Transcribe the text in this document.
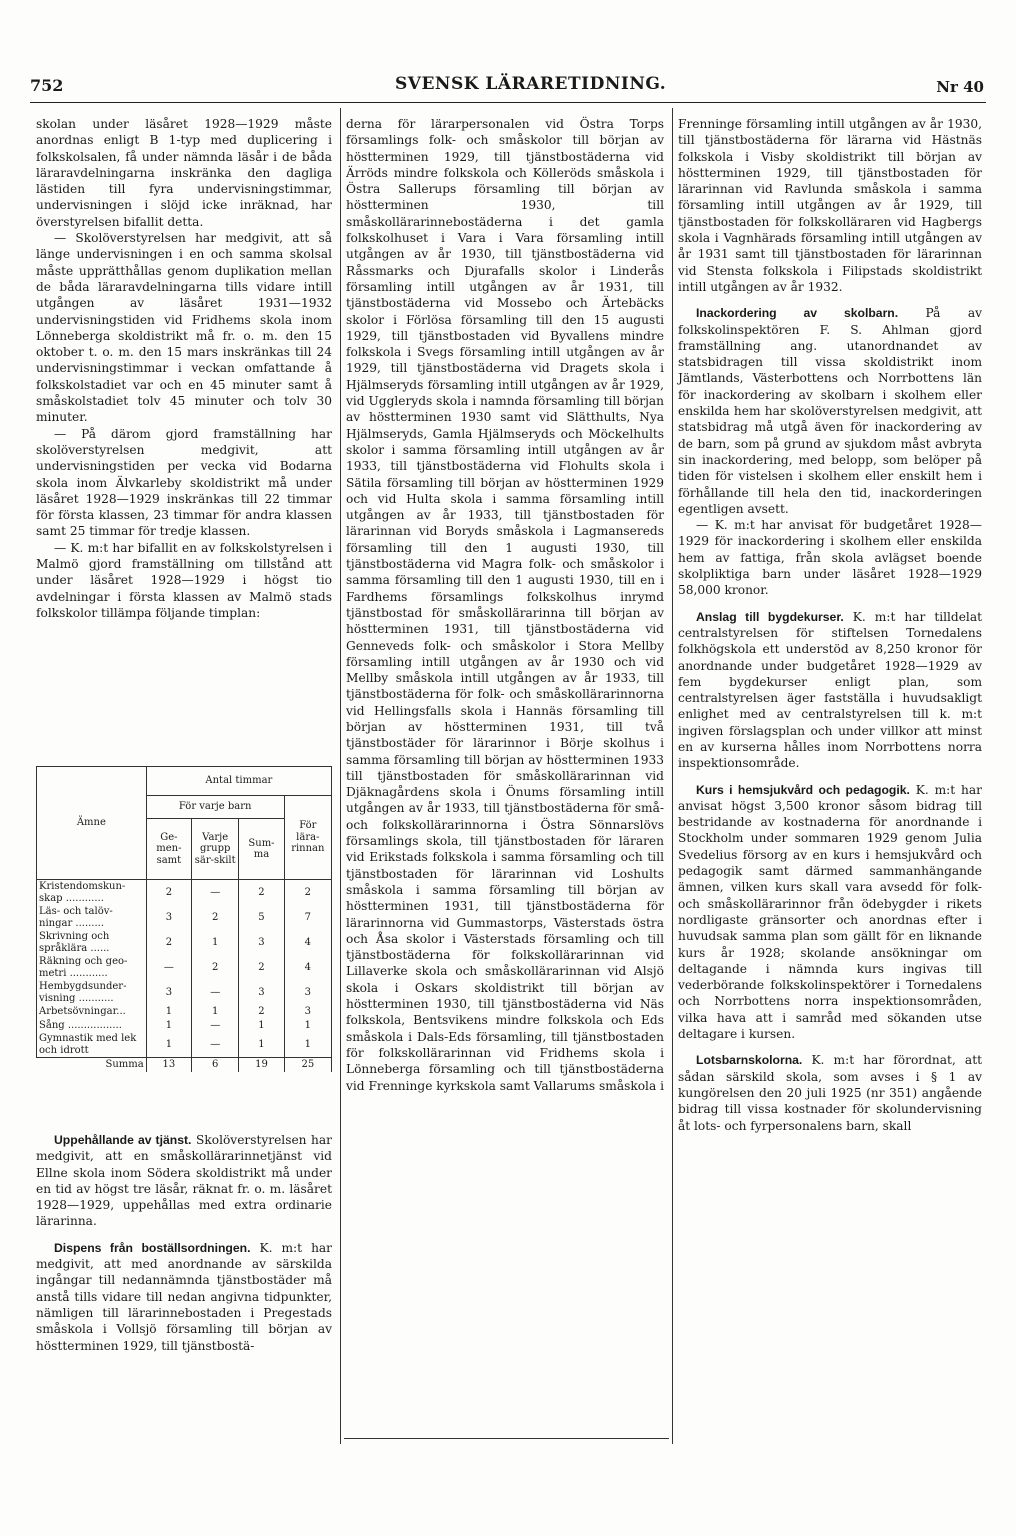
752	SVENSK LÄRARETIDNING.	Nr 40

skolan under läsåret 1928—1929 måste anordnas enligt B 1-typ med duplicering i folkskolsalen, få under nämnda läsår i de båda läraravdelningarna inskränka den dagliga lästiden till fyra undervisningstimmar, undervisningen i slöjd icke inräknad, har överstyrelsen bifallit detta.

— Skolöverstyrelsen har medgivit, att så länge undervisningen i en och samma skolsal måste upprätthållas genom duplikation mellan de båda läraravdelningarna tills vidare intill utgången av läsåret 1931—1932 undervisningstiden vid Fridhems skola inom Lönneberga skoldistrikt må fr. o. m. den 15 oktober t. o. m. den 15 mars inskränkas till 24 undervisningstimmar i veckan omfattande å folkskolstadiet var och en 45 minuter samt å småskolstadiet tolv 45 minuter och tolv 30 minuter.

— På därom gjord framställning har skolöverstyrelsen medgivit, att undervisningstiden per vecka vid Bodarna skola inom Älvkarleby skoldistrikt må under läsåret 1928—1929 inskränkas till 22 timmar för första klassen, 23 timmar för andra klassen samt 25 timmar för tredje klassen.

— K. m:t har bifallit en av folkskolstyrelsen i Malmö gjord framställning om tillstånd att under läsåret 1928—1929 i högst tio avdelningar i första klassen av Malmö stads folkskolor tillämpa följande timplan:

Ämne	Antal timmar			
	För varje barn			För lära-rinnan
	Ge-men-samt	Varje grupp sär-skilt	Sum-ma	
Kristendomskun-skap ............	2	—	2	2
Läs- och talöv-ningar .........	3	2	5	7
Skrivning och språklära ......	2	1	3	4
Räkning och geo-metri ............	—	2	2	4
Hembygdsunder-visning ...........	3	—	3	3
Arbetsövningar...	1	1	2	3
Sång .................	1	—	1	1
Gymnastik med lek och idrott	1	—	1	1
Summa	13	6	19	25

Uppehållande av tjänst. Skolöverstyrelsen har medgivit, att en småskollärarinnetjänst vid Ellne skola inom Södera skoldistrikt må under en tid av högst tre läsår, räknat fr. o. m. läsåret 1928—1929, uppehållas med extra ordinarie lärarinna.

Dispens från boställsordningen. K. m:t har medgivit, att med anordnande av särskilda ingångar till nedannämnda tjänstbostäder må anstå tills vidare till nedan angivna tidpunkter, nämligen till lärarinnebostaden i Pregestads småskola i Vollsjö församling till början av höstterminen 1929, till tjänstbostä-

derna för lärarpersonalen vid Östra Torps församlings folk- och småskolor till början av höstterminen 1929, till tjänstbostäderna vid Ärröds mindre folkskola och Kölleröds småskola i Östra Sallerups församling till början av höstterminen 1930, till småskollärarinnebostäderna i det gamla folkskolhuset i Vara i Vara församling intill utgången av år 1930, till tjänstbostäderna vid Råssmarks och Djurafalls skolor i Linderås församling intill utgången av år 1931, till tjänstbostäderna vid Mossebo och Ärtebäcks skolor i Förlösa församling till den 15 augusti 1929, till tjänstbostaden vid Byvallens mindre folkskola i Svegs församling intill utgången av år 1929, till tjänstbostäderna vid Dragets skola i Hjälmseryds församling intill utgången av år 1929, vid Uggleryds skola i namnda församling till början av höstterminen 1930 samt vid Slätthults, Nya Hjälmseryds, Gamla Hjälmseryds och Möckelhults skolor i samma församling intill utgången av år 1933, till tjänstbostäderna vid Flohults skola i Sätila församling till början av höstterminen 1929 och vid Hulta skola i samma församling intill utgången av år 1933, till tjänstbostaden för lärarinnan vid Boryds småskola i Lagmansereds församling till den 1 augusti 1930, till tjänstbostäderna vid Magra folk- och småskolor i samma församling till den 1 augusti 1930, till en i Fardhems församlings folkskolhus inrymd tjänstbostad för småskollärarinna till början av höstterminen 1931, till tjänstbostäderna vid Genneveds folk- och småskolor i Stora Mellby församling intill utgången av år 1930 och vid Mellby småskola intill utgången av år 1933, till tjänstbostäderna för folk- och småskollärarinnorna vid Hellingsfalls skola i Hannäs församling till början av höstterminen 1931, till två tjänstbostäder för lärarinnor i Börje skolhus i samma församling till början av höstterminen 1933 till tjänstbostaden för småskollärarinnan vid Djäknagårdens skola i Önums församling intill utgången av år 1933, till tjänstbostäderna för små- och folkskollärarinnorna i Östra Sönnarslövs församlings skola, till tjänstbostaden för läraren vid Erikstads folkskola i samma församling och till tjänstbostaden för lärarinnan vid Loshults småskola i samma församling till början av höstterminen 1931, till tjänstbostäderna för lärarinnorna vid Gummastorps, Västerstads östra och Åsa skolor i Västerstads församling och till tjänstbostäderna för folkskollärarinnan vid Lillaverke skola och småskollärarinnan vid Alsjö skola i Oskars skoldistrikt till början av höstterminen 1930, till tjänstbostäderna vid Näs folkskola, Bentsvikens mindre folkskola och Eds småskola i Dals-Eds församling, till tjänstbostaden för folkskollärarinnan vid Fridhems skola i Lönneberga församling och till tjänstbostäderna vid Frenninge kyrkskola samt Vallarums småskola i

Frenninge församling intill utgången av år 1930, till tjänstbostäderna för lärarna vid Hästnäs folkskola i Visby skoldistrikt till början av höstterminen 1929, till tjänstbostaden för lärarinnan vid Ravlunda småskola i samma församling intill utgången av år 1929, till tjänstbostaden för folkskolläraren vid Hagbergs skola i Vagnhärads församling intill utgången av år 1931 samt till tjänstbostaden för lärarinnan vid Stensta folkskola i Filipstads skoldistrikt intill utgången av år 1932.

Inackordering av skolbarn. På av folkskolinspektören F. S. Ahlman gjord framställning ang. utanordnandet av statsbidragen till vissa skoldistrikt inom Jämtlands, Västerbottens och Norrbottens län för inackordering av skolbarn i skolhem eller enskilda hem har skolöverstyrelsen medgivit, att statsbidrag må utgå även för inackordering av de barn, som på grund av sjukdom måst avbryta sin inackordering, med belopp, som belöper på tiden för vistelsen i skolhem eller enskilt hem i förhållande till hela den tid, inackorderingen egentligen avsett.

— K. m:t har anvisat för budgetåret 1928—1929 för inackordering i skolhem eller enskilda hem av fattiga, från skola avlägset boende skolpliktiga barn under läsåret 1928—1929 58,000 kronor.

Anslag till bygdekurser. K. m:t har tilldelat centralstyrelsen för stiftelsen Tornedalens folkhögskola ett understöd av 8,250 kronor för anordnande under budgetåret 1928—1929 av fem bygdekurser enligt plan, som centralstyrelsen äger fastställa i huvudsakligt enlighet med av centralstyrelsen till k. m:t ingiven förslagsplan och under villkor att minst en av kurserna hålles inom Norrbottens norra inspektionsområde.

Kurs i hemsjukvård och pedagogik. K. m:t har anvisat högst 3,500 kronor såsom bidrag till bestridande av kostnaderna för anordnande i Stockholm under sommaren 1929 genom Julia Svedelius försorg av en kurs i hemsjukvård och pedagogik samt därmed sammanhängande ämnen, vilken kurs skall vara avsedd för folk- och småskollärarinnor från ödebygder i rikets nordligaste gränsorter och anordnas efter i huvudsak samma plan som gällt för en liknande kurs år 1928; skolande ansökningar om deltagande i nämnda kurs ingivas till vederbörande folkskolinspektörer i Tornedalens och Norrbottens norra inspektionsområden, vilka hava att i samråd med sökanden utse deltagare i kursen.

Lotsbarnskolorna. K. m:t har förordnat, att sådan särskild skola, som avses i § 1 av kungörelsen den 20 juli 1925 (nr 351) angående bidrag till vissa kostnader för skolundervisning åt lots- och fyrpersonalens barn, skall
